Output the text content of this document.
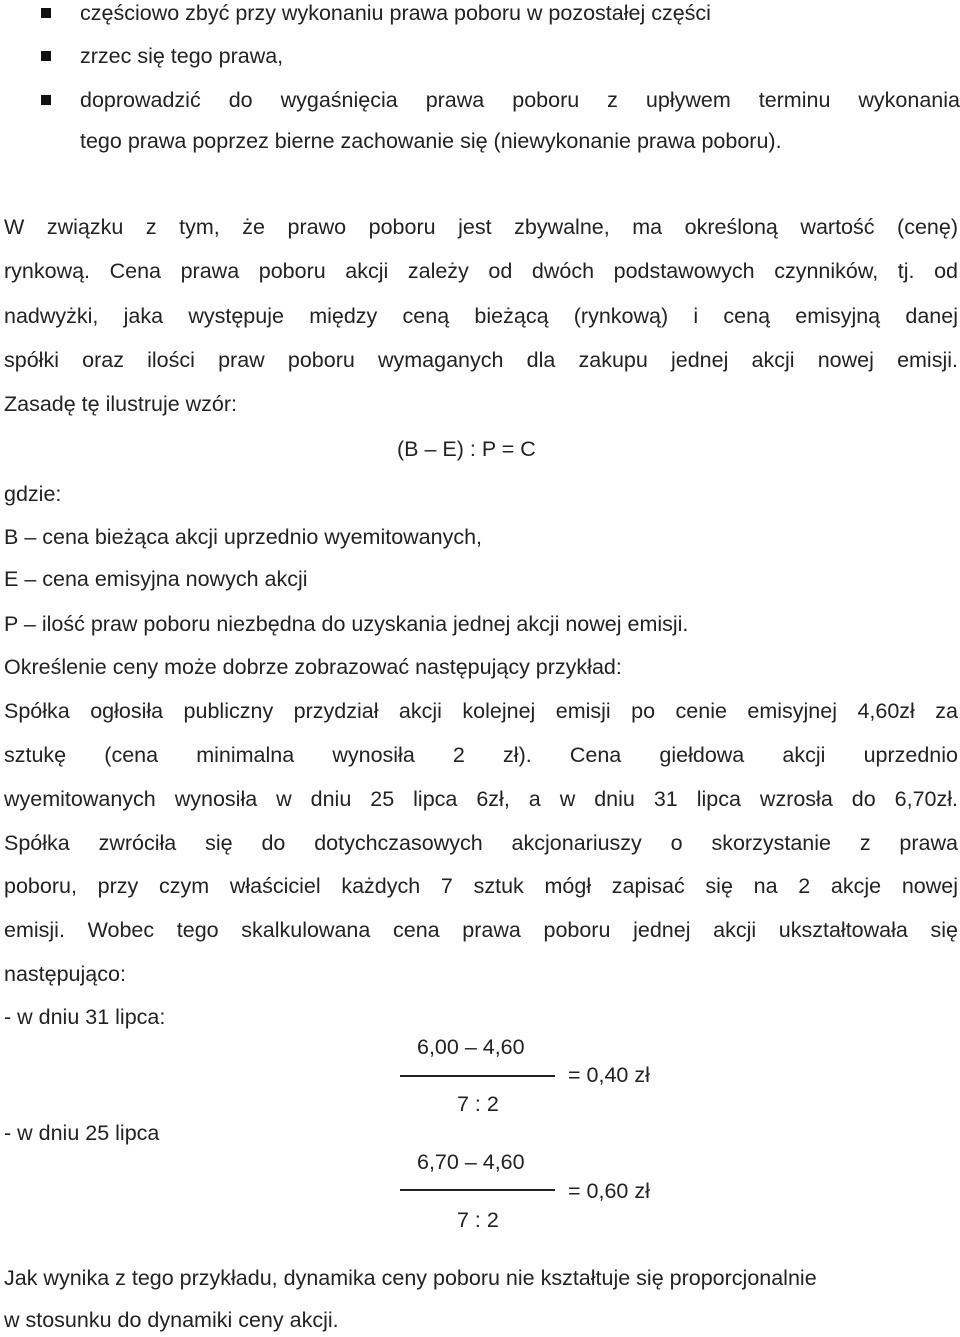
częściowo zbyć przy wykonaniu prawa poboru w pozostałej części
zrzec się tego prawa,
doprowadzić do wygaśnięcia prawa poboru z upływem terminu wykonania
tego prawa poprzez bierne zachowanie się (niewykonanie prawa poboru).
W związku z tym, że prawo poboru jest zbywalne, ma określoną wartość (cenę)
rynkową. Cena prawa poboru akcji zależy od dwóch podstawowych czynników, tj. od
nadwyżki, jaka występuje między ceną bieżącą (rynkową) i ceną emisyjną danej
spółki oraz ilości praw poboru wymaganych dla zakupu jednej akcji nowej emisji.
Zasadę tę ilustruje wzór:
(B – E) : P = C
gdzie:
B – cena bieżąca akcji uprzednio wyemitowanych,
E – cena emisyjna nowych akcji
P – ilość praw poboru niezbędna do uzyskania jednej akcji nowej emisji.
Określenie ceny może dobrze zobrazować następujący przykład:
Spółka ogłosiła publiczny przydział akcji kolejnej emisji po cenie emisyjnej 4,60zł za
sztukę (cena minimalna wynosiła 2 zł). Cena giełdowa akcji uprzednio
wyemitowanych wynosiła w dniu 25 lipca 6zł, a w dniu 31 lipca wzrosła do 6,70zł.
Spółka zwróciła się do dotychczasowych akcjonariuszy o skorzystanie z prawa
poboru, przy czym właściciel każdych 7 sztuk mógł zapisać się na 2 akcje nowej
emisji. Wobec tego skalkulowana cena prawa poboru jednej akcji ukształtowała się
następująco:
- w dniu 31 lipca:
6,00 – 4,60
= 0,40 zł
7 : 2
- w dniu 25 lipca
6,70 – 4,60
= 0,60 zł
7 : 2
Jak wynika z tego przykładu, dynamika ceny poboru nie kształtuje się proporcjonalnie
w stosunku do dynamiki ceny akcji.
